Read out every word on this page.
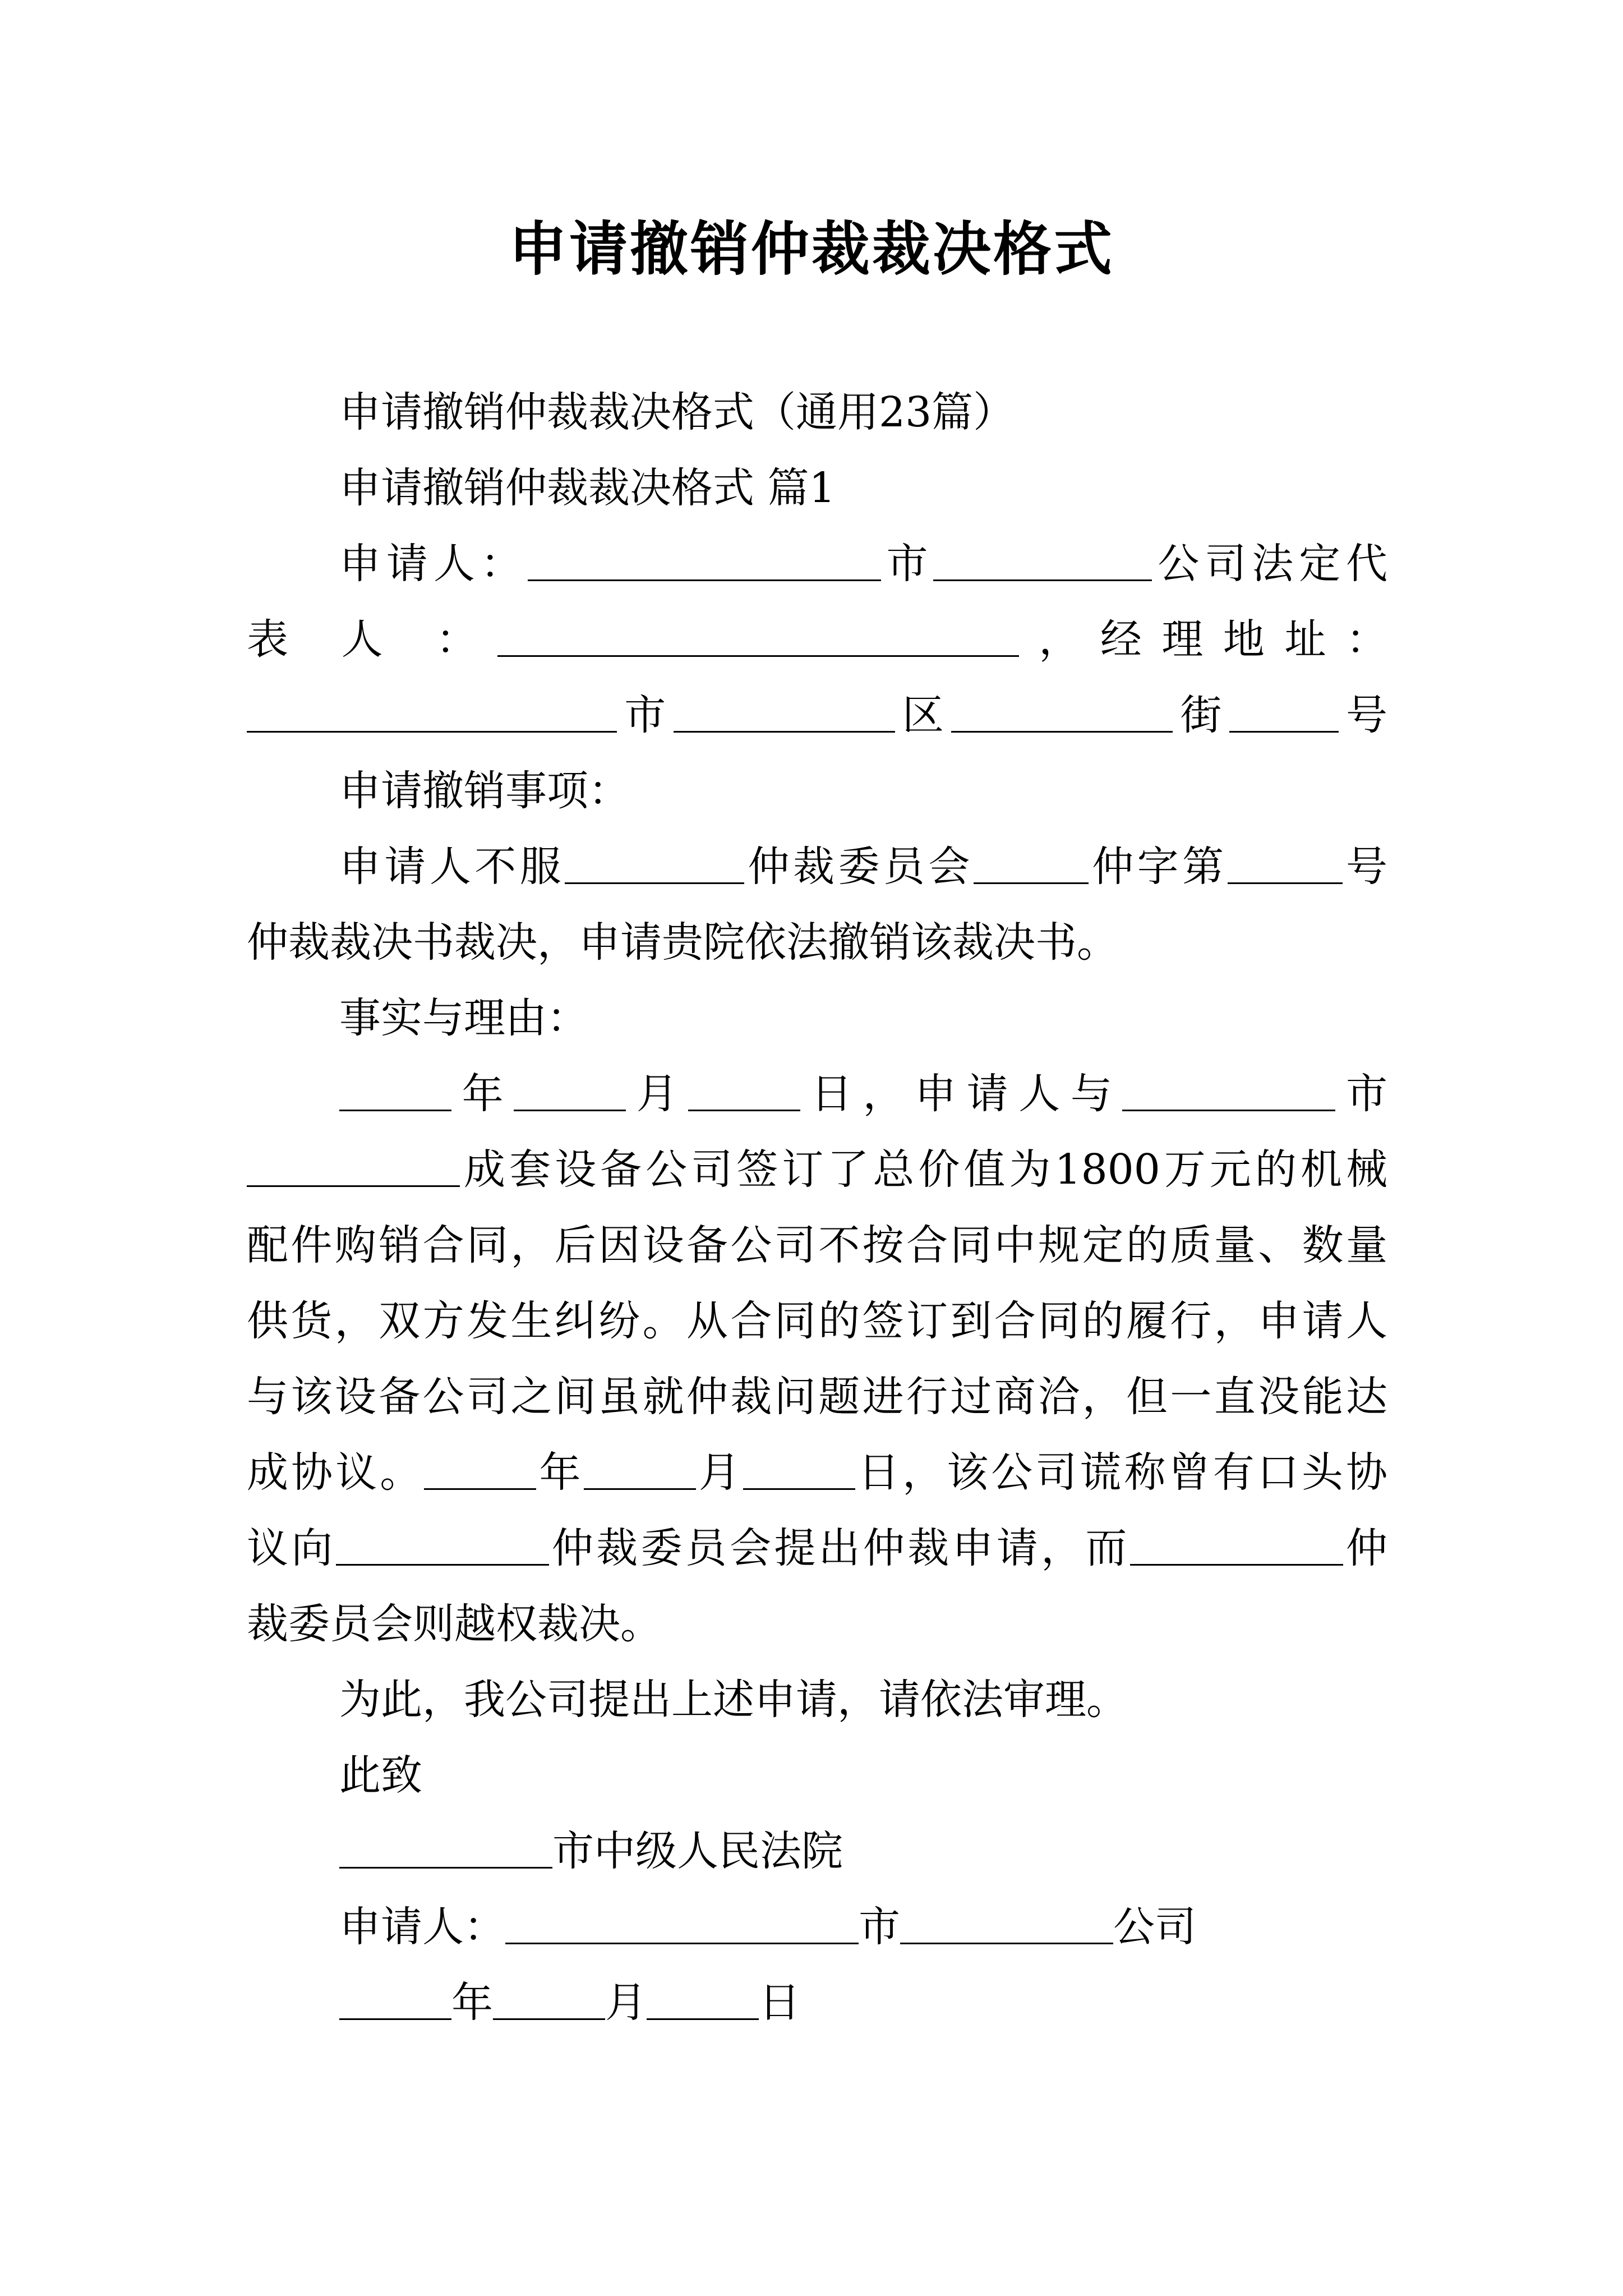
申请撤销仲裁裁决格式
申请撤销仲裁裁决格式（通用23篇）
申请撤销仲裁裁决格式 篇1
申请人：	市	公司法定代
表 人 ：	，经理地址：
市	区	街	号
申请撤销事项：
申请人不服	仲裁委员会	仲字第	号
仲裁裁决书裁决，申请贵院依法撤销该裁决书。
事实与理由：
年	月	日，申请人与	市
成套设备公司签订了总价值为1800万元的机械
配件购销合同，后因设备公司不按合同中规定的质量、数量
供货，双方发生纠纷。从合同的签订到合同的履行，申请人
与该设备公司之间虽就仲裁问题进行过商洽，但一直没能达
成协议。	年	月	日，该公司谎称曾有口头协
议向	仲裁委员会提出仲裁申请，而	仲
裁委员会则越权裁决。
为此，我公司提出上述申请，请依法审理。
此致
市中级人民法院
申请人：	市	公司
年	月	日
